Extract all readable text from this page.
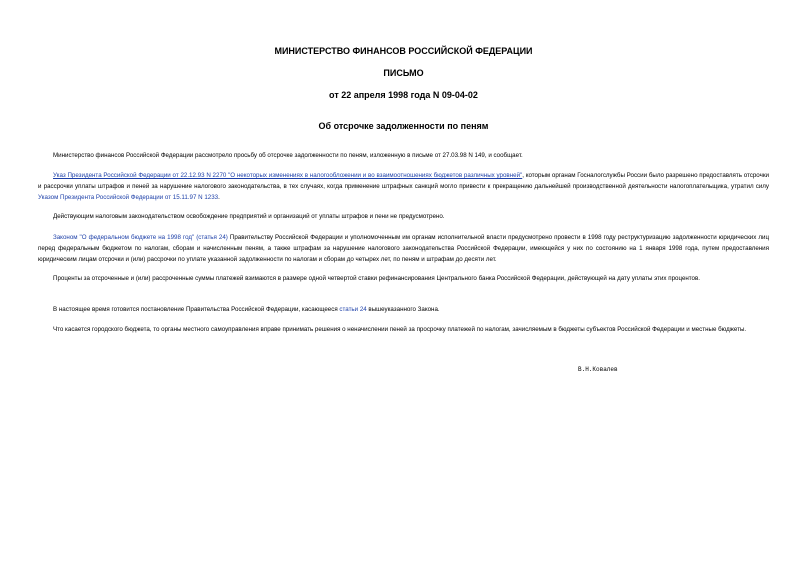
МИНИСТЕРСТВО ФИНАНСОВ РОССИЙСКОЙ ФЕДЕРАЦИИ
ПИСЬМО
от 22 апреля 1998 года N 09-04-02
Об отсрочке задолженности по пеням

Министерство финансов Российской Федерации рассмотрело просьбу об отсрочке задолженности по пеням, изложенную в письме от 27.03.98 N 149, и сообщает.

Указ Президента Российской Федерации от 22.12.93 N 2270 "О некоторых изменениях в налогообложении и во взаимоотношениях бюджетов различных уровней", которым органам Госналогслужбы России было разрешено предоставлять отсрочки и рассрочки уплаты штрафов и пеней за нарушение налогового законодательства, в тех случаях, когда применение штрафных санкций могло привести к прекращению дальнейшей производственной деятельности налогоплательщика, утратил силу Указом Президента Российской Федерации от 15.11.97 N 1233.

Действующим налоговым законодательством освобождение предприятий и организаций от уплаты штрафов и пени не предусмотрено.

Законом "О федеральном бюджете на 1998 год" (статья 24) Правительству Российской Федерации и уполномоченным им органам исполнительной власти предусмотрено провести в 1998 году реструктуризацию задолженности юридических лиц перед федеральным бюджетом по налогам, сборам и начисленным пеням, а также штрафам за нарушение налогового законодательства Российской Федерации, имеющейся у них по состоянию на 1 января 1998 года, путем предоставления юридическим лицам отсрочки и (или) рассрочки по уплате указанной задолженности по налогам и сборам до четырех лет, по пеням и штрафам до десяти лет.

Проценты за отсроченные и (или) рассроченные суммы платежей взимаются в размере одной четвертой ставки рефинансирования Центрального банка Российской Федерации, действующей на дату уплаты этих процентов.

В настоящее время готовится постановление Правительства Российской Федерации, касающееся статьи 24 вышеуказанного Закона.

Что касается городского бюджета, то органы местного самоуправления вправе принимать решения о неначислении пеней за просрочку платежей по налогам, зачисляемым в бюджеты субъектов Российской Федерации и местные бюджеты.

В.Н.Ковалев
